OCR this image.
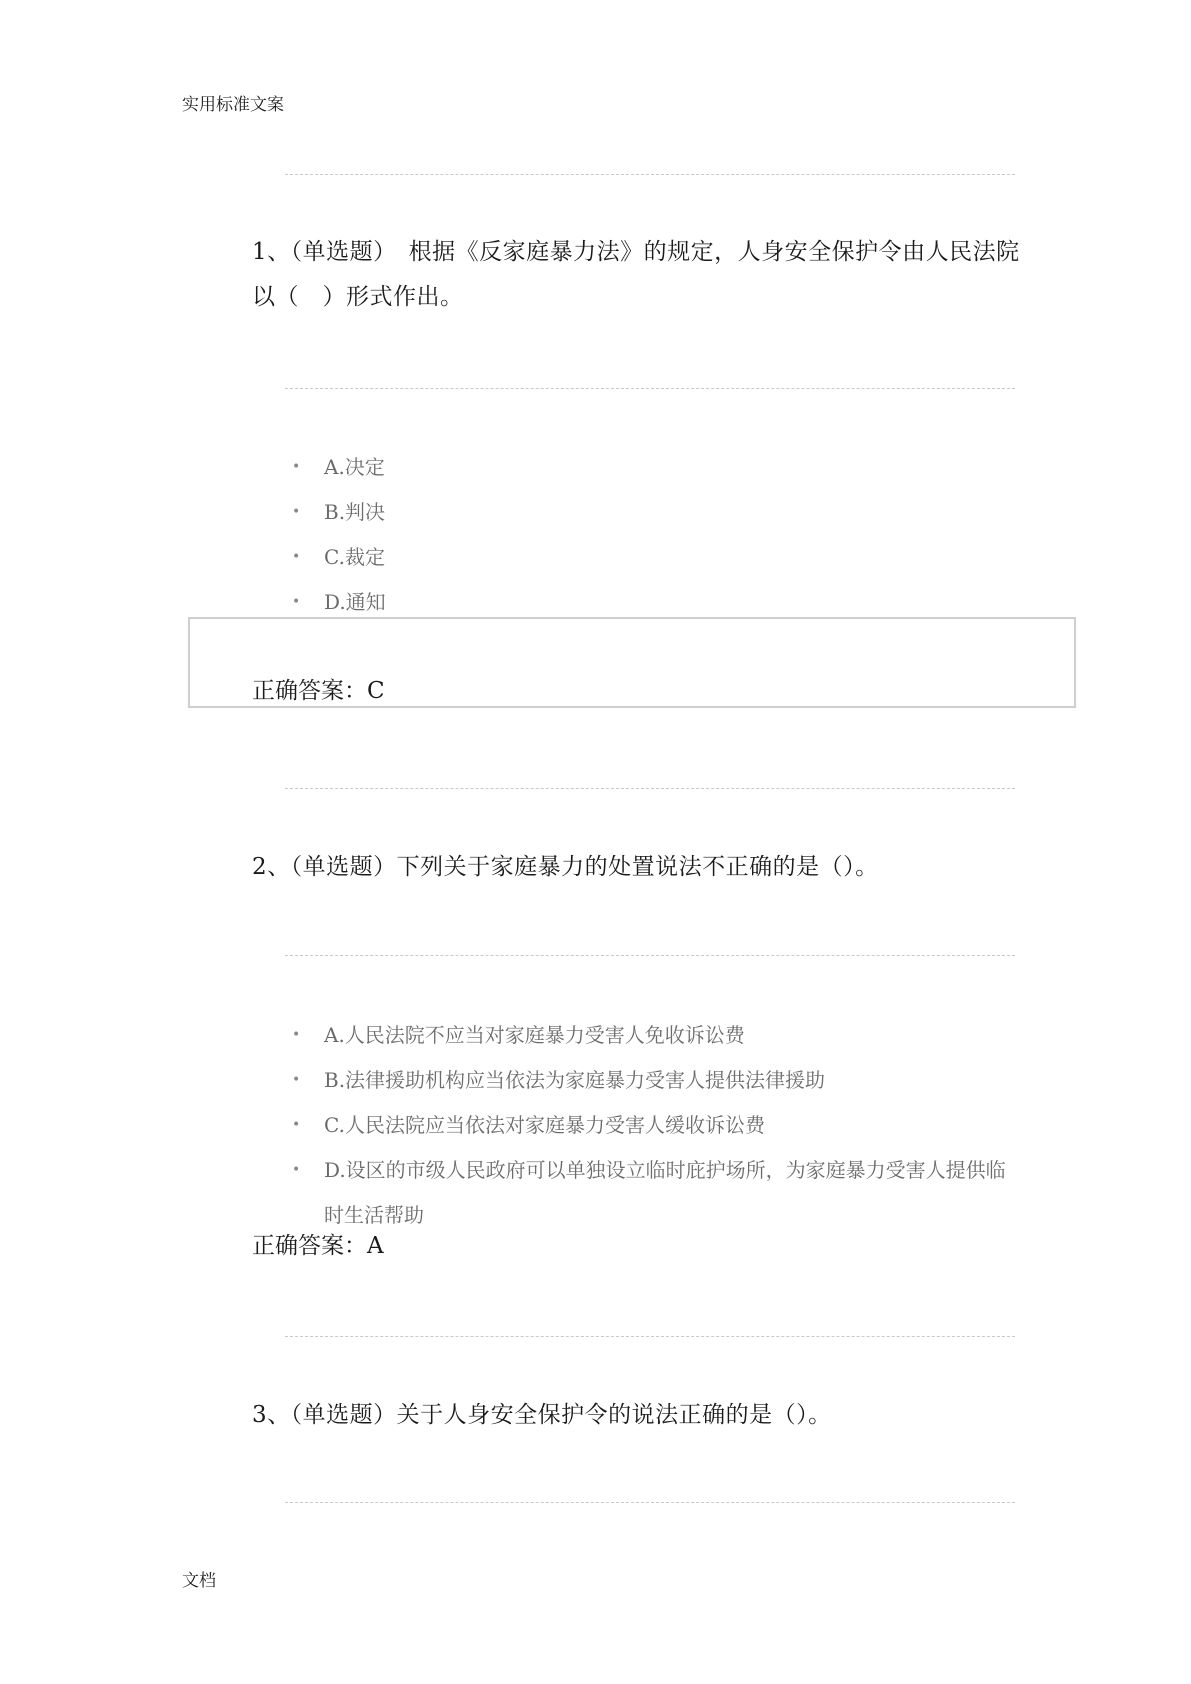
实用标准文案
1、（单选题）　根据《反家庭暴力法》的规定，人身安全保护令由人民法院以（　）形式作出。
• A.决定
• B.判决
• C.裁定
• D.通知
正确答案：C
2、（单选题）下列关于家庭暴力的处置说法不正确的是（）。
• A.人民法院不应当对家庭暴力受害人免收诉讼费
• B.法律援助机构应当依法为家庭暴力受害人提供法律援助
• C.人民法院应当依法对家庭暴力受害人缓收诉讼费
• D.设区的市级人民政府可以单独设立临时庇护场所，为家庭暴力受害人提供临时生活帮助
正确答案：A
3、（单选题）关于人身安全保护令的说法正确的是（）。
文档
